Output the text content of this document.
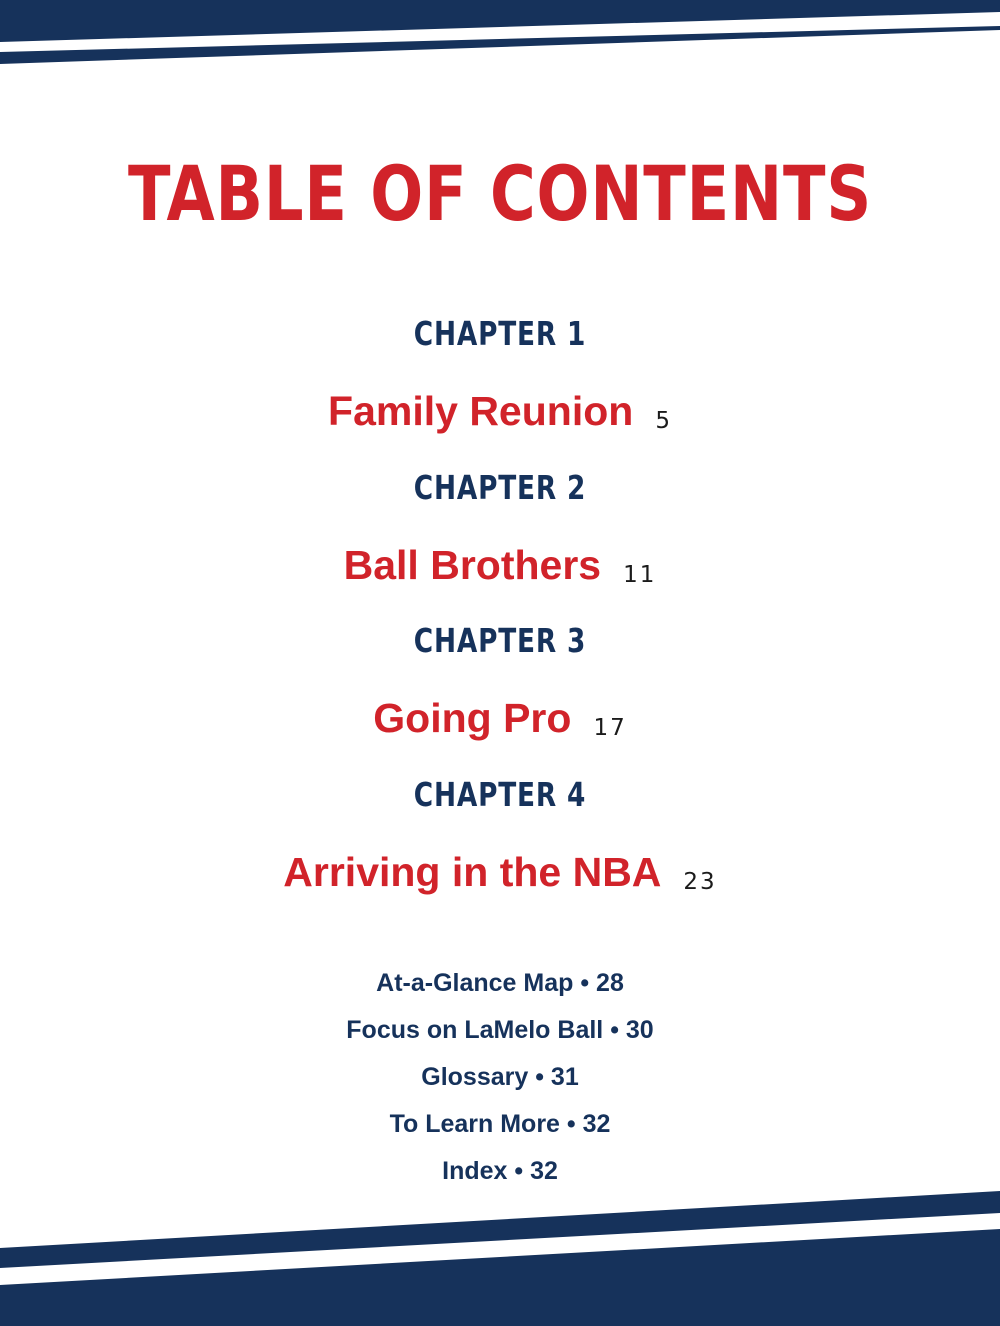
TABLE OF CONTENTS
CHAPTER 1
Family Reunion 5
CHAPTER 2
Ball Brothers 11
CHAPTER 3
Going Pro 17
CHAPTER 4
Arriving in the NBA 23
At-a-Glance Map • 28
Focus on LaMelo Ball • 30
Glossary • 31
To Learn More • 32
Index • 32
